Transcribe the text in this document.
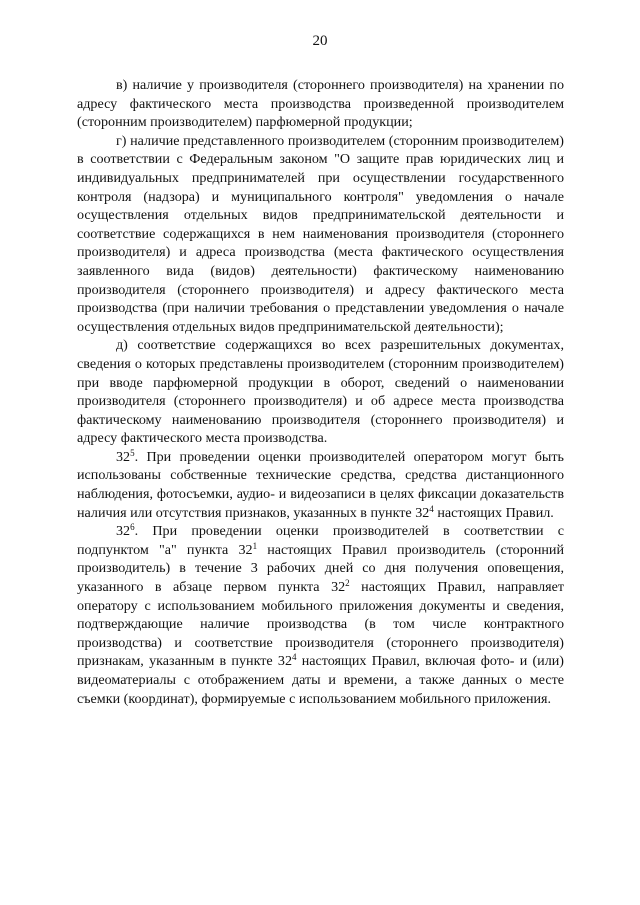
20

в) наличие у производителя (стороннего производителя) на хранении по адресу фактического места производства произведенной производителем (сторонним производителем) парфюмерной продукции;

г) наличие представленного производителем (сторонним производителем) в соответствии с Федеральным законом "О защите прав юридических лиц и индивидуальных предпринимателей при осуществлении государственного контроля (надзора) и муниципального контроля" уведомления о начале осуществления отдельных видов предпринимательской деятельности и соответствие содержащихся в нем наименования производителя (стороннего производителя) и адреса производства (места фактического осуществления заявленного вида (видов) деятельности) фактическому наименованию производителя (стороннего производителя) и адресу фактического места производства (при наличии требования о представлении уведомления о начале осуществления отдельных видов предпринимательской деятельности);

д) соответствие содержащихся во всех разрешительных документах, сведения о которых представлены производителем (сторонним производителем) при вводе парфюмерной продукции в оборот, сведений о наименовании производителя (стороннего производителя) и об адресе места производства фактическому наименованию производителя (стороннего производителя) и адресу фактического места производства.

$32^5$. При проведении оценки производителей оператором могут быть использованы собственные технические средства, средства дистанционного наблюдения, фотосъемки, аудио- и видеозаписи в целях фиксации доказательств наличия или отсутствия признаков, указанных в пункте $32^4$ настоящих Правил.

$32^6$. При проведении оценки производителей в соответствии с подпунктом "а" пункта $32^1$ настоящих Правил производитель (сторонний производитель) в течение 3 рабочих дней со дня получения оповещения, указанного в абзаце первом пункта $32^2$ настоящих Правил, направляет оператору с использованием мобильного приложения документы и сведения, подтверждающие наличие производства (в том числе контрактного производства) и соответствие производителя (стороннего производителя) признакам, указанным в пункте $32^4$ настоящих Правил, включая фото- и (или) видеоматериалы с отображением даты и времени, а также данных о месте съемки (координат), формируемые с использованием мобильного приложения.
